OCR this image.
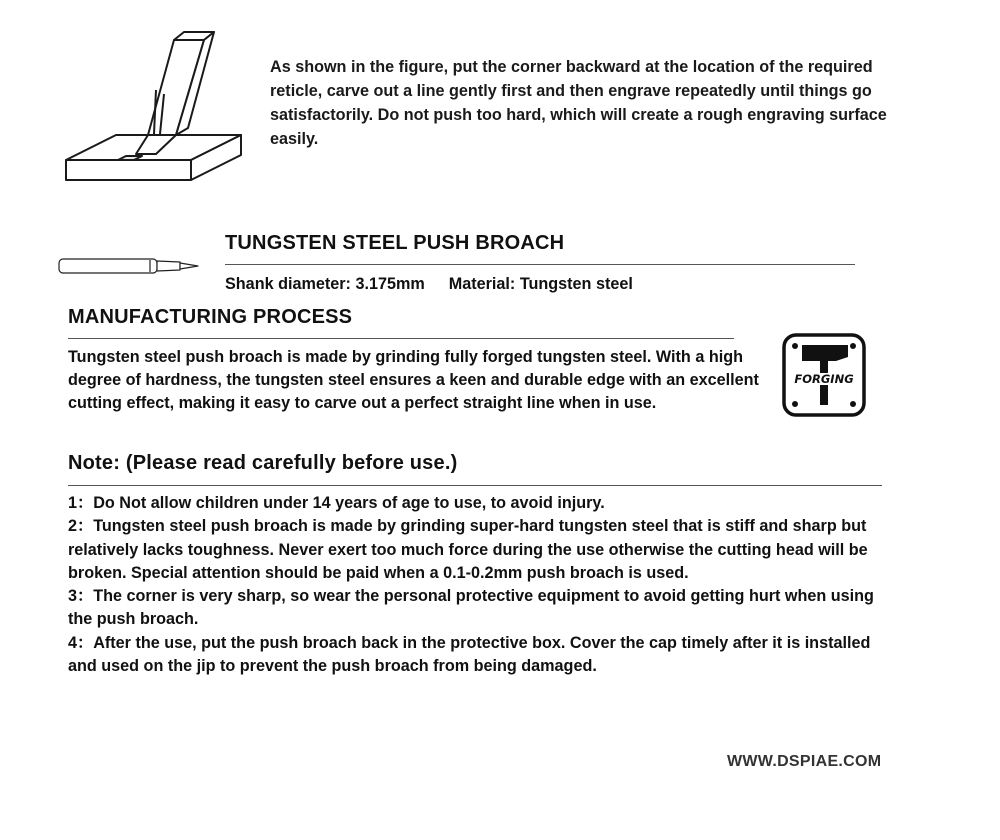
As shown in the figure, put the corner backward at the location of the required reticle, carve out a line gently first and then engrave repeatedly until things go satisfactorily. Do not push too hard, which will create a rough engraving surface easily.
TUNGSTEN STEEL PUSH BROACH
Shank diameter: 3.175mm Material: Tungsten steel
MANUFACTURING PROCESS
Tungsten steel push broach is made by grinding fully forged tungsten steel. With a high degree of hardness, the tungsten steel ensures a keen and durable edge with an excellent cutting effect, making it easy to carve out a perfect straight line when in use.
FORGING
Note: (Please read carefully before use.)

1：Do Not allow children under 14 years of age to use, to avoid injury.

2：Tungsten steel push broach is made by grinding super-hard tungsten steel that is stiff and sharp but relatively lacks toughness. Never exert too much force during the use otherwise the cutting head will be broken. Special attention should be paid when a 0.1-0.2mm push broach is used.

3：The corner is very sharp, so wear the personal protective equipment to avoid getting hurt when using the push broach.

4：After the use, put the push broach back in the protective box. Cover the cap timely after it is installed and used on the jip to prevent the push broach from being damaged.

WWW.DSPIAE.COM
